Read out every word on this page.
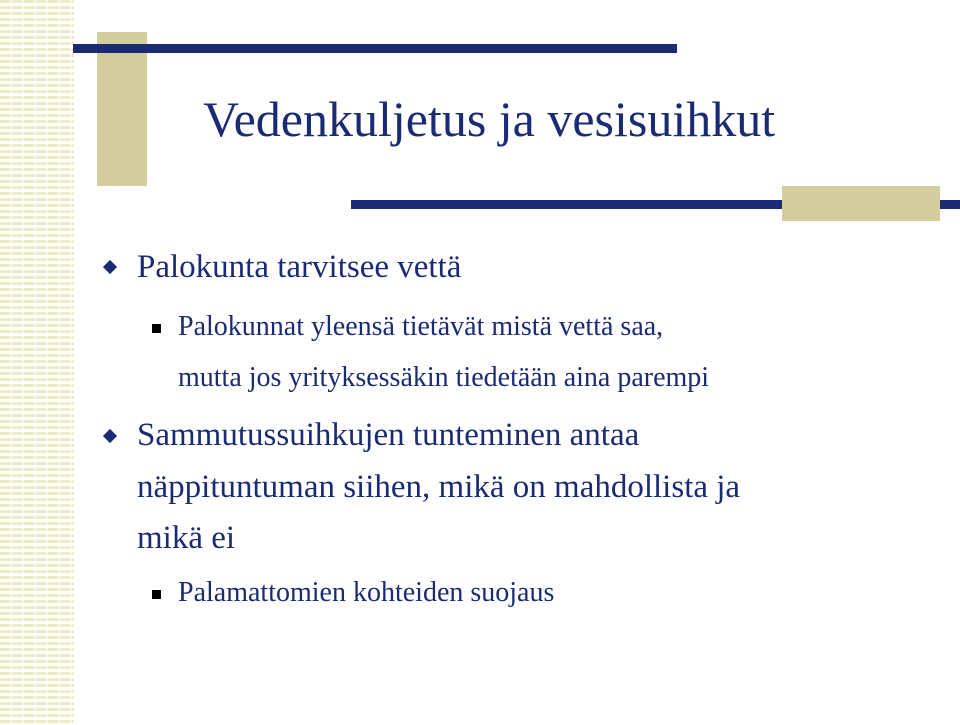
Vedenkuljetus ja vesisuihkut
Palokunta tarvitsee vettä
Palokunnat yleensä tietävät mistä vettä saa,
mutta jos yrityksessäkin tiedetään aina parempi
Sammutussuihkujen tunteminen antaa
näppituntuman siihen, mikä on mahdollista ja
mikä ei
Palamattomien kohteiden suojaus
